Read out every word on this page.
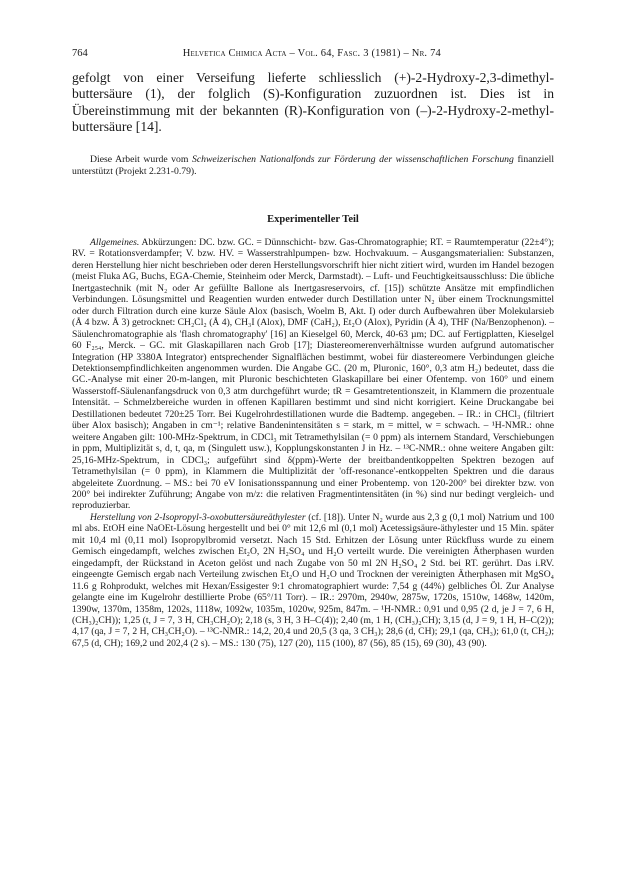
764	Helvetica Chimica Acta – Vol. 64, Fasc. 3 (1981) – Nr. 74

gefolgt von einer Verseifung lieferte schliesslich (+)-2-Hydroxy-2,3-dimethyl-buttersäure (1), der folglich (S)-Konfiguration zuzuordnen ist. Dies ist in Übereinstimmung mit der bekannten (R)-Konfiguration von (–)-2-Hydroxy-2-methyl-buttersäure [14].

Diese Arbeit wurde vom Schweizerischen Nationalfonds zur Förderung der wissenschaftlichen Forschung finanziell unterstützt (Projekt 2.231-0.79).

Experimenteller Teil

Allgemeines. Abkürzungen: DC. bzw. GC. = Dünnschicht- bzw. Gas-Chromatographie; RT. = Raumtemperatur (22±4°); RV. = Rotationsverdampfer; V. bzw. HV. = Wasserstrahlpumpen- bzw. Hochvakuum. – Ausgangsmaterialien: Substanzen, deren Herstellung hier nicht beschrieben oder deren Herstellungsvorschrift hier nicht zitiert wird, wurden im Handel bezogen (meist Fluka AG, Buchs, EGA-Chemie, Steinheim oder Merck, Darmstadt). – Luft- und Feuchtigkeitsausschluss: Die übliche Inertgastechnik (mit N₂ oder Ar gefüllte Ballone als Inertgasreservoirs, cf. [15]) schützte Ansätze mit empfindlichen Verbindungen. Lösungsmittel und Reagentien wurden entweder durch Destillation unter N₂ über einem Trocknungsmittel oder durch Filtration durch eine kurze Säule Alox (basisch, Woelm B, Akt. I) oder durch Aufbewahren über Molekularsieb (Å 4 bzw. Å 3) getrocknet: CH₂Cl₂ (Å 4), CH₃I (Alox), DMF (CaH₂), Et₂O (Alox), Pyridin (Å 4), THF (Na/Benzophenon). – Säulenchromatographie als 'flash chromatography' [16] an Kieselgel 60, Merck, 40-63 µm; DC. auf Fertigplatten, Kieselgel 60 F₂₅₄, Merck. – GC. mit Glaskapillaren nach Grob [17]; Diastereomerenverhältnisse wurden aufgrund automatischer Integration (HP 3380A Integrator) entsprechender Signalflächen bestimmt, wobei für diastereomere Verbindungen gleiche Detektionsempfindlichkeiten angenommen wurden. Die Angabe GC. (20 m, Pluronic, 160°, 0,3 atm H₂) bedeutet, dass die GC.-Analyse mit einer 20-m-langen, mit Pluronic beschichteten Glaskapillare bei einer Ofentemp. von 160° und einem Wasserstoff-Säulenanfangsdruck von 0,3 atm durchgeführt wurde; tR = Gesamtretentionszeit, in Klammern die prozentuale Intensität. – Schmelzbereiche wurden in offenen Kapillaren bestimmt und sind nicht korrigiert. Keine Druckangabe bei Destillationen bedeutet 720±25 Torr. Bei Kugelrohrdestillationen wurde die Badtemp. angegeben. – IR.: in CHCl₃ (filtriert über Alox basisch); Angaben in cm⁻¹; relative Bandenintensitäten s = stark, m = mittel, w = schwach. – ¹H-NMR.: ohne weitere Angaben gilt: 100-MHz-Spektrum, in CDCl₃ mit Tetramethylsilan (= 0 ppm) als internem Standard, Verschiebungen in ppm, Multiplizität s, d, t, qa, m (Singulett usw.), Kopplungskonstanten J in Hz. – ¹³C-NMR.: ohne weitere Angaben gilt: 25,16-MHz-Spektrum, in CDCl₃; aufgeführt sind δ(ppm)-Werte der breitbandentkoppelten Spektren bezogen auf Tetramethylsilan (= 0 ppm), in Klammern die Multiplizität der 'off-resonance'-entkoppelten Spektren und die daraus abgeleitete Zuordnung. – MS.: bei 70 eV Ionisationsspannung und einer Probentemp. von 120-200° bei direkter bzw. von 200° bei indirekter Zuführung; Angabe von m/z: die relativen Fragmentintensitäten (in %) sind nur bedingt vergleich- und reproduzierbar.

Herstellung von 2-Isopropyl-3-oxobuttersäureäthylester (cf. [18]). Unter N₂ wurde aus 2,3 g (0,1 mol) Natrium und 100 ml abs. EtOH eine NaOEt-Lösung hergestellt und bei 0° mit 12,6 ml (0,1 mol) Acetessigsäure-äthylester und 15 Min. später mit 10,4 ml (0,11 mol) Isopropylbromid versetzt. Nach 15 Std. Erhitzen der Lösung unter Rückfluss wurde zu einem Gemisch eingedampft, welches zwischen Et₂O, 2N H₂SO₄ und H₂O verteilt wurde. Die vereinigten Ätherphasen wurden eingedampft, der Rückstand in Aceton gelöst und nach Zugabe von 50 ml 2N H₂SO₄ 2 Std. bei RT. gerührt. Das i.RV. eingeengte Gemisch ergab nach Verteilung zwischen Et₂O und H₂O und Trocknen der vereinigten Ätherphasen mit MgSO₄ 11.6 g Rohprodukt, welches mit Hexan/Essigester 9:1 chromatographiert wurde: 7,54 g (44%) gelbliches Öl. Zur Analyse gelangte eine im Kugelrohr destillierte Probe (65°/11 Torr). – IR.: 2970m, 2940w, 2875w, 1720s, 1510w, 1468w, 1420m, 1390w, 1370m, 1358m, 1202s, 1118w, 1092w, 1035m, 1020w, 925m, 847m. – ¹H-NMR.: 0,91 und 0,95 (2 d, je J = 7, 6 H, (CH₃)₂CH)); 1,25 (t, J = 7, 3 H, CH₃CH₂O); 2,18 (s, 3 H, 3 H–C(4)); 2,40 (m, 1 H, (CH₃)₂CH); 3,15 (d, J = 9, 1 H, H–C(2)); 4,17 (qa, J = 7, 2 H, CH₃CH₂O). – ¹³C-NMR.: 14,2, 20,4 und 20,5 (3 qa, 3 CH₃); 28,6 (d, CH); 29,1 (qa, CH₃); 61,0 (t, CH₂); 67,5 (d, CH); 169,2 und 202,4 (2 s). – MS.: 130 (75), 127 (20), 115 (100), 87 (56), 85 (15), 69 (30), 43 (90).
